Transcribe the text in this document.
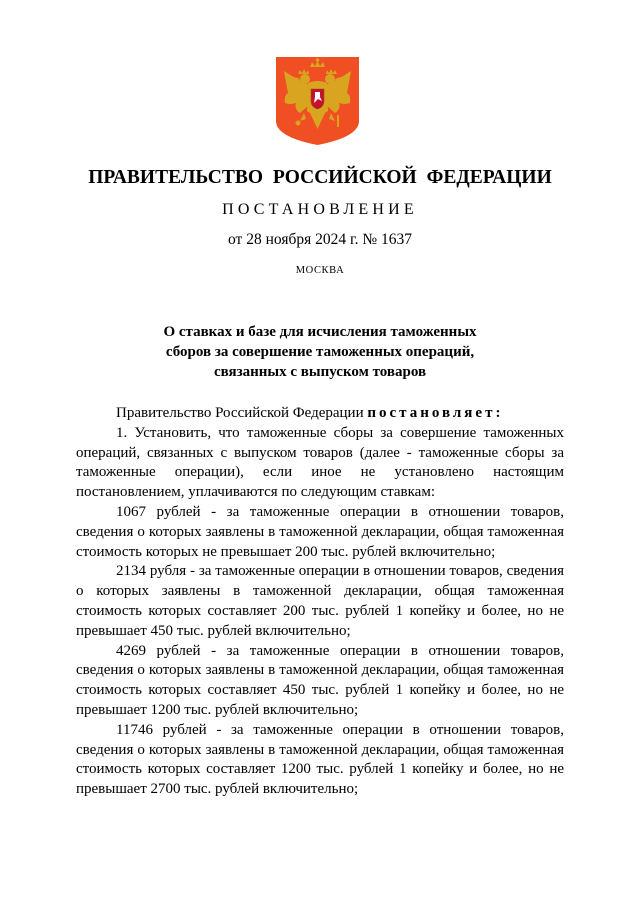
ПРАВИТЕЛЬСТВО РОССИЙСКОЙ ФЕДЕРАЦИИ
ПОСТАНОВЛЕНИЕ
от 28 ноября 2024 г. № 1637
МОСКВА
О ставках и базе для исчисления таможенных
сборов за совершение таможенных операций,
связанных с выпуском товаров

Правительство Российской Федерации постановляет:

1. Установить, что таможенные сборы за совершение таможенных операций, связанных с выпуском товаров (далее - таможенные сборы за таможенные операции), если иное не установлено настоящим постановлением, уплачиваются по следующим ставкам:

1067 рублей - за таможенные операции в отношении товаров, сведения о которых заявлены в таможенной декларации, общая таможенная стоимость которых не превышает 200 тыс. рублей включительно;

2134 рубля - за таможенные операции в отношении товаров, сведения о которых заявлены в таможенной декларации, общая таможенная стоимость которых составляет 200 тыс. рублей 1 копейку и более, но не превышает 450 тыс. рублей включительно;

4269 рублей - за таможенные операции в отношении товаров, сведения о которых заявлены в таможенной декларации, общая таможенная стоимость которых составляет 450 тыс. рублей 1 копейку и более, но не превышает 1200 тыс. рублей включительно;

11746 рублей - за таможенные операции в отношении товаров, сведения о которых заявлены в таможенной декларации, общая таможенная стоимость которых составляет 1200 тыс. рублей 1 копейку и более, но не превышает 2700 тыс. рублей включительно;
